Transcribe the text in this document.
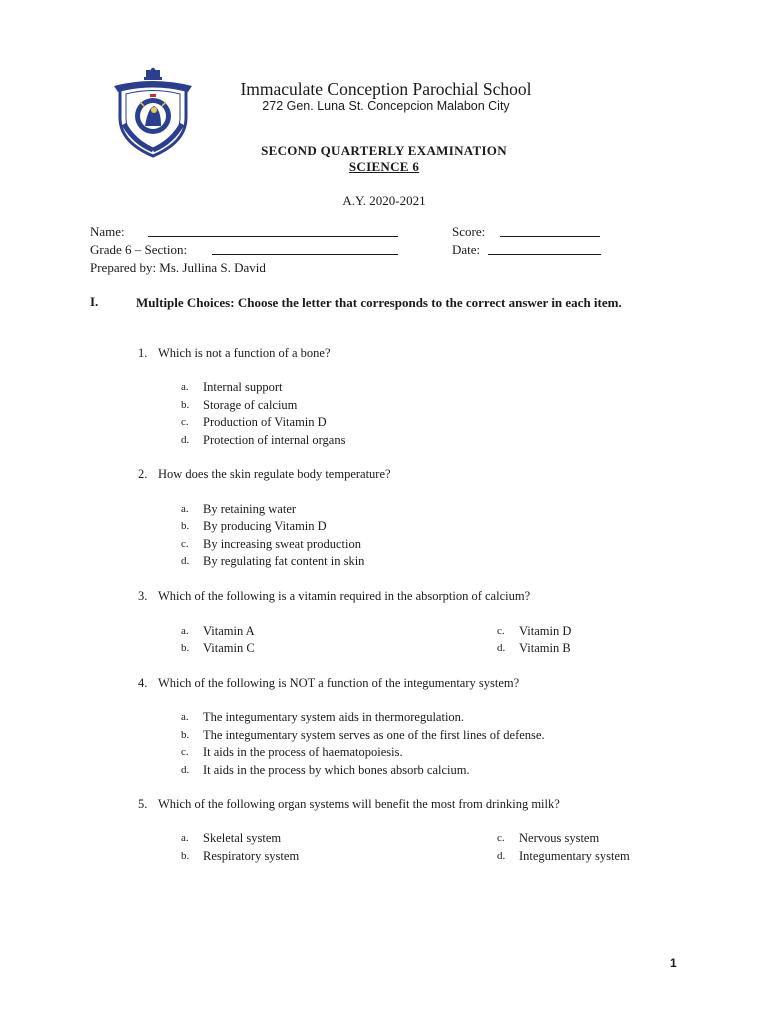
Immaculate Conception Parochial School
272 Gen. Luna St. Concepcion Malabon City
SECOND QUARTERLY EXAMINATION
SCIENCE 6
A.Y. 2020-2021
Name:	Score:
Grade 6 – Section:	Date:
Prepared by: Ms. Jullina S. David
I.	Multiple Choices: Choose the letter that corresponds to the correct answer in each item.
1. Which is not a function of a bone?
a. Internal support
b. Storage of calcium
c. Production of Vitamin D
d. Protection of internal organs
2. How does the skin regulate body temperature?
a. By retaining water
b. By producing Vitamin D
c. By increasing sweat production
d. By regulating fat content in skin
3. Which of the following is a vitamin required in the absorption of calcium?
a. Vitamin A
b. Vitamin C
c. Vitamin D
d. Vitamin B
4. Which of the following is NOT a function of the integumentary system?
a. The integumentary system aids in thermoregulation.
b. The integumentary system serves as one of the first lines of defense.
c. It aids in the process of haematopoiesis.
d. It aids in the process by which bones absorb calcium.
5. Which of the following organ systems will benefit the most from drinking milk?
a. Skeletal system
b. Respiratory system
c. Nervous system
d. Integumentary system
1
